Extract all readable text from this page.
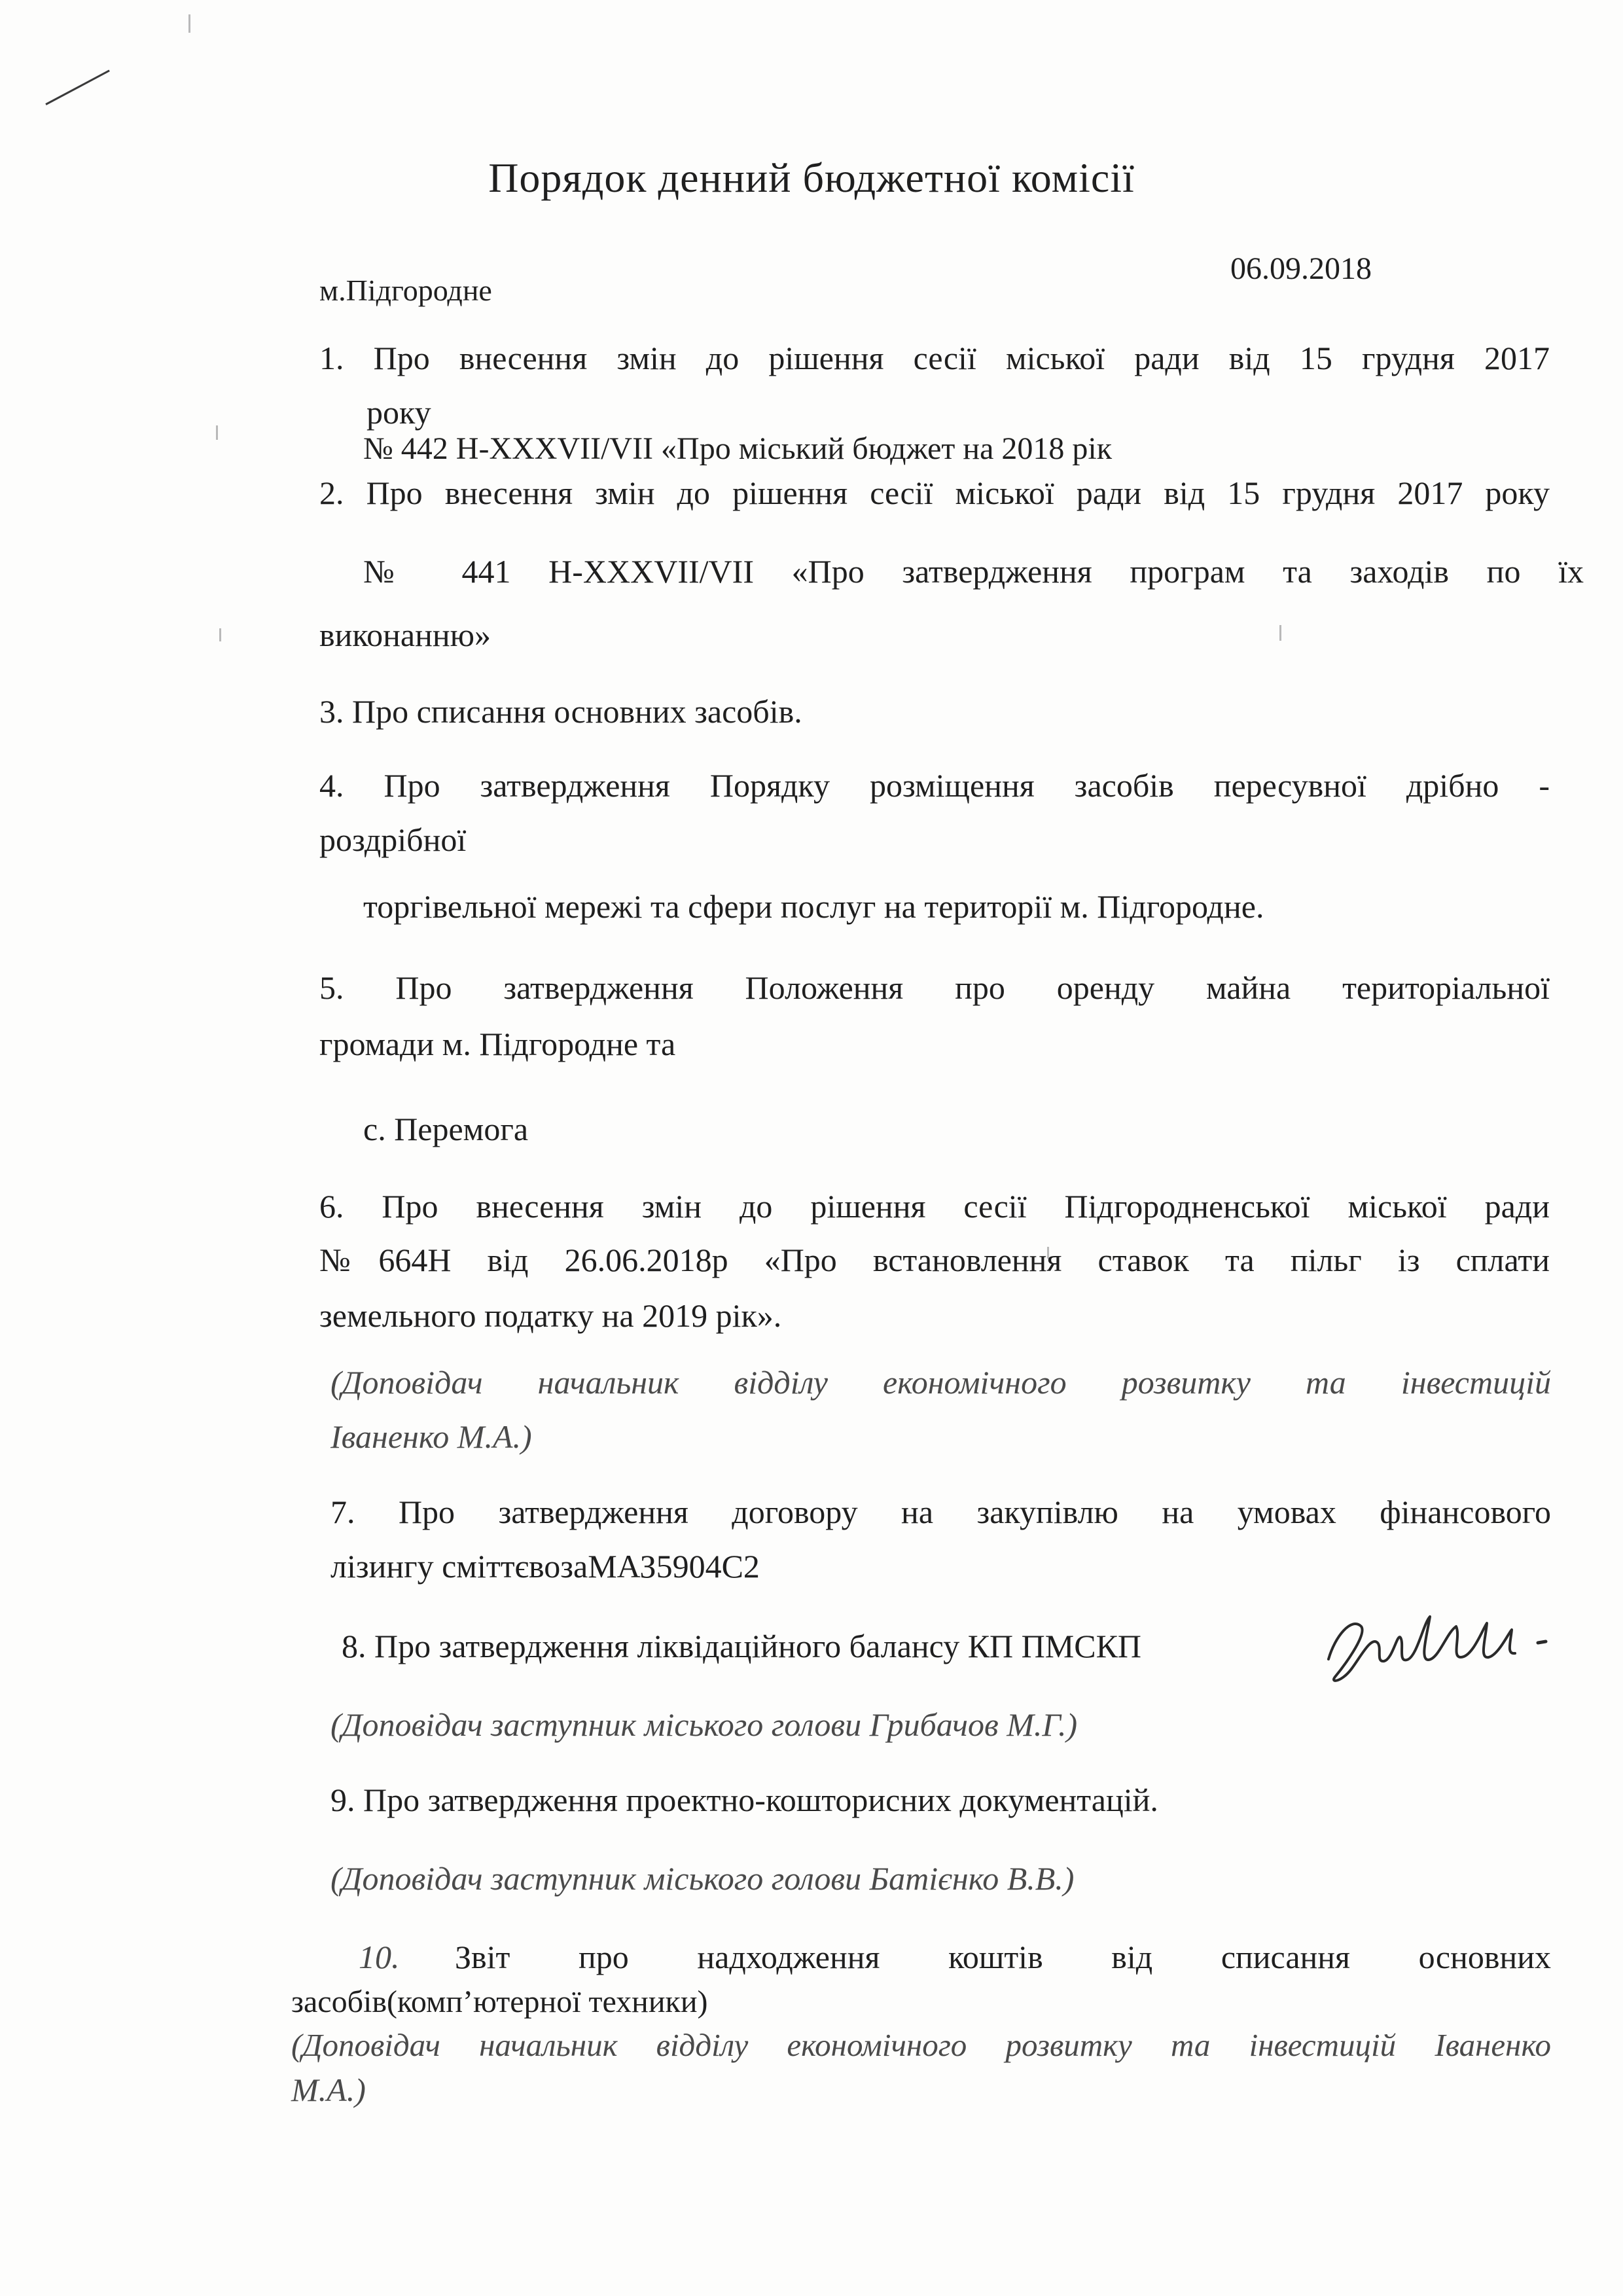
Порядок денний бюджетної комісії
м.Підгородне
06.09.2018
1. Про внесення змін до рішення сесії міської ради від 15 грудня 2017
року
№ 442 Н-XXXVII/VII «Про міський бюджет на 2018 рік
2. Про внесення змін до рішення сесії міської ради від 15 грудня 2017 року
№ 441 Н-XXXVII/VII «Про затвердження програм та заходів по їх
виконанню»
3. Про списання основних засобів.
4. Про затвердження Порядку розміщення засобів пересувної дрібно -
роздрібної
торгівельної мережі та сфери послуг на території м. Підгородне.
5. Про затвердження Положення про оренду майна територіальної
громади м. Підгородне та
с. Перемога
6. Про внесення змін до рішення сесії Підгородненської міської ради
№664Н від 26.06.2018р «Про встановлення ставок та пільг із сплати
земельного податку на 2019 рік».
(Доповідач начальник відділу економічного розвитку та інвестицій
Іваненко М.А.)
7. Про затвердження договору на закупівлю на умовах фінансового
лізингу сміттєвозаМАЗ5904С2
8. Про затвердження ліквідаційного балансу КП ПМСКП
(Доповідач заступник міського голови Грибачов М.Г.)
9. Про затвердження проектно-кошторисних документацій.
(Доповідач заступник міського голови Батієнко В.В.)
10. Звіт про надходження коштів від списання основних
засобів(комп’ютерної техники)
(Доповідач начальник відділу економічного розвитку та інвестицій Іваненко
М.А.)
